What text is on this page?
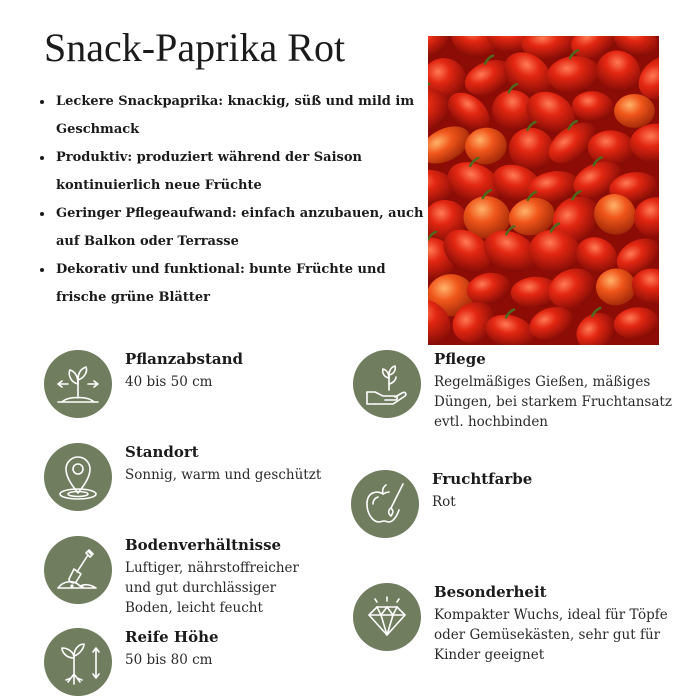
Snack-Paprika Rot
• Leckere Snackpaprika: knackig, süß und mild im Geschmack
• Produktiv: produziert während der Saison kontinuierlich neue Früchte
• Geringer Pflegeaufwand: einfach anzubauen, auch auf Balkon oder Terrasse
• Dekorativ und funktional: bunte Früchte und frische grüne Blätter
Pflanzabstand
40 bis 50 cm
Standort
Sonnig, warm und geschützt
Bodenverhältnisse
Luftiger, nährstoffreicher und gut durchlässiger Boden, leicht feucht
Reife Höhe
50 bis 80 cm
Pflege
Regelmäßiges Gießen, mäßiges Düngen, bei starkem Fruchtansatz evtl. hochbinden
Fruchtfarbe
Rot
Besonderheit
Kompakter Wuchs, ideal für Töpfe oder Gemüsekästen, sehr gut für Kinder geeignet
